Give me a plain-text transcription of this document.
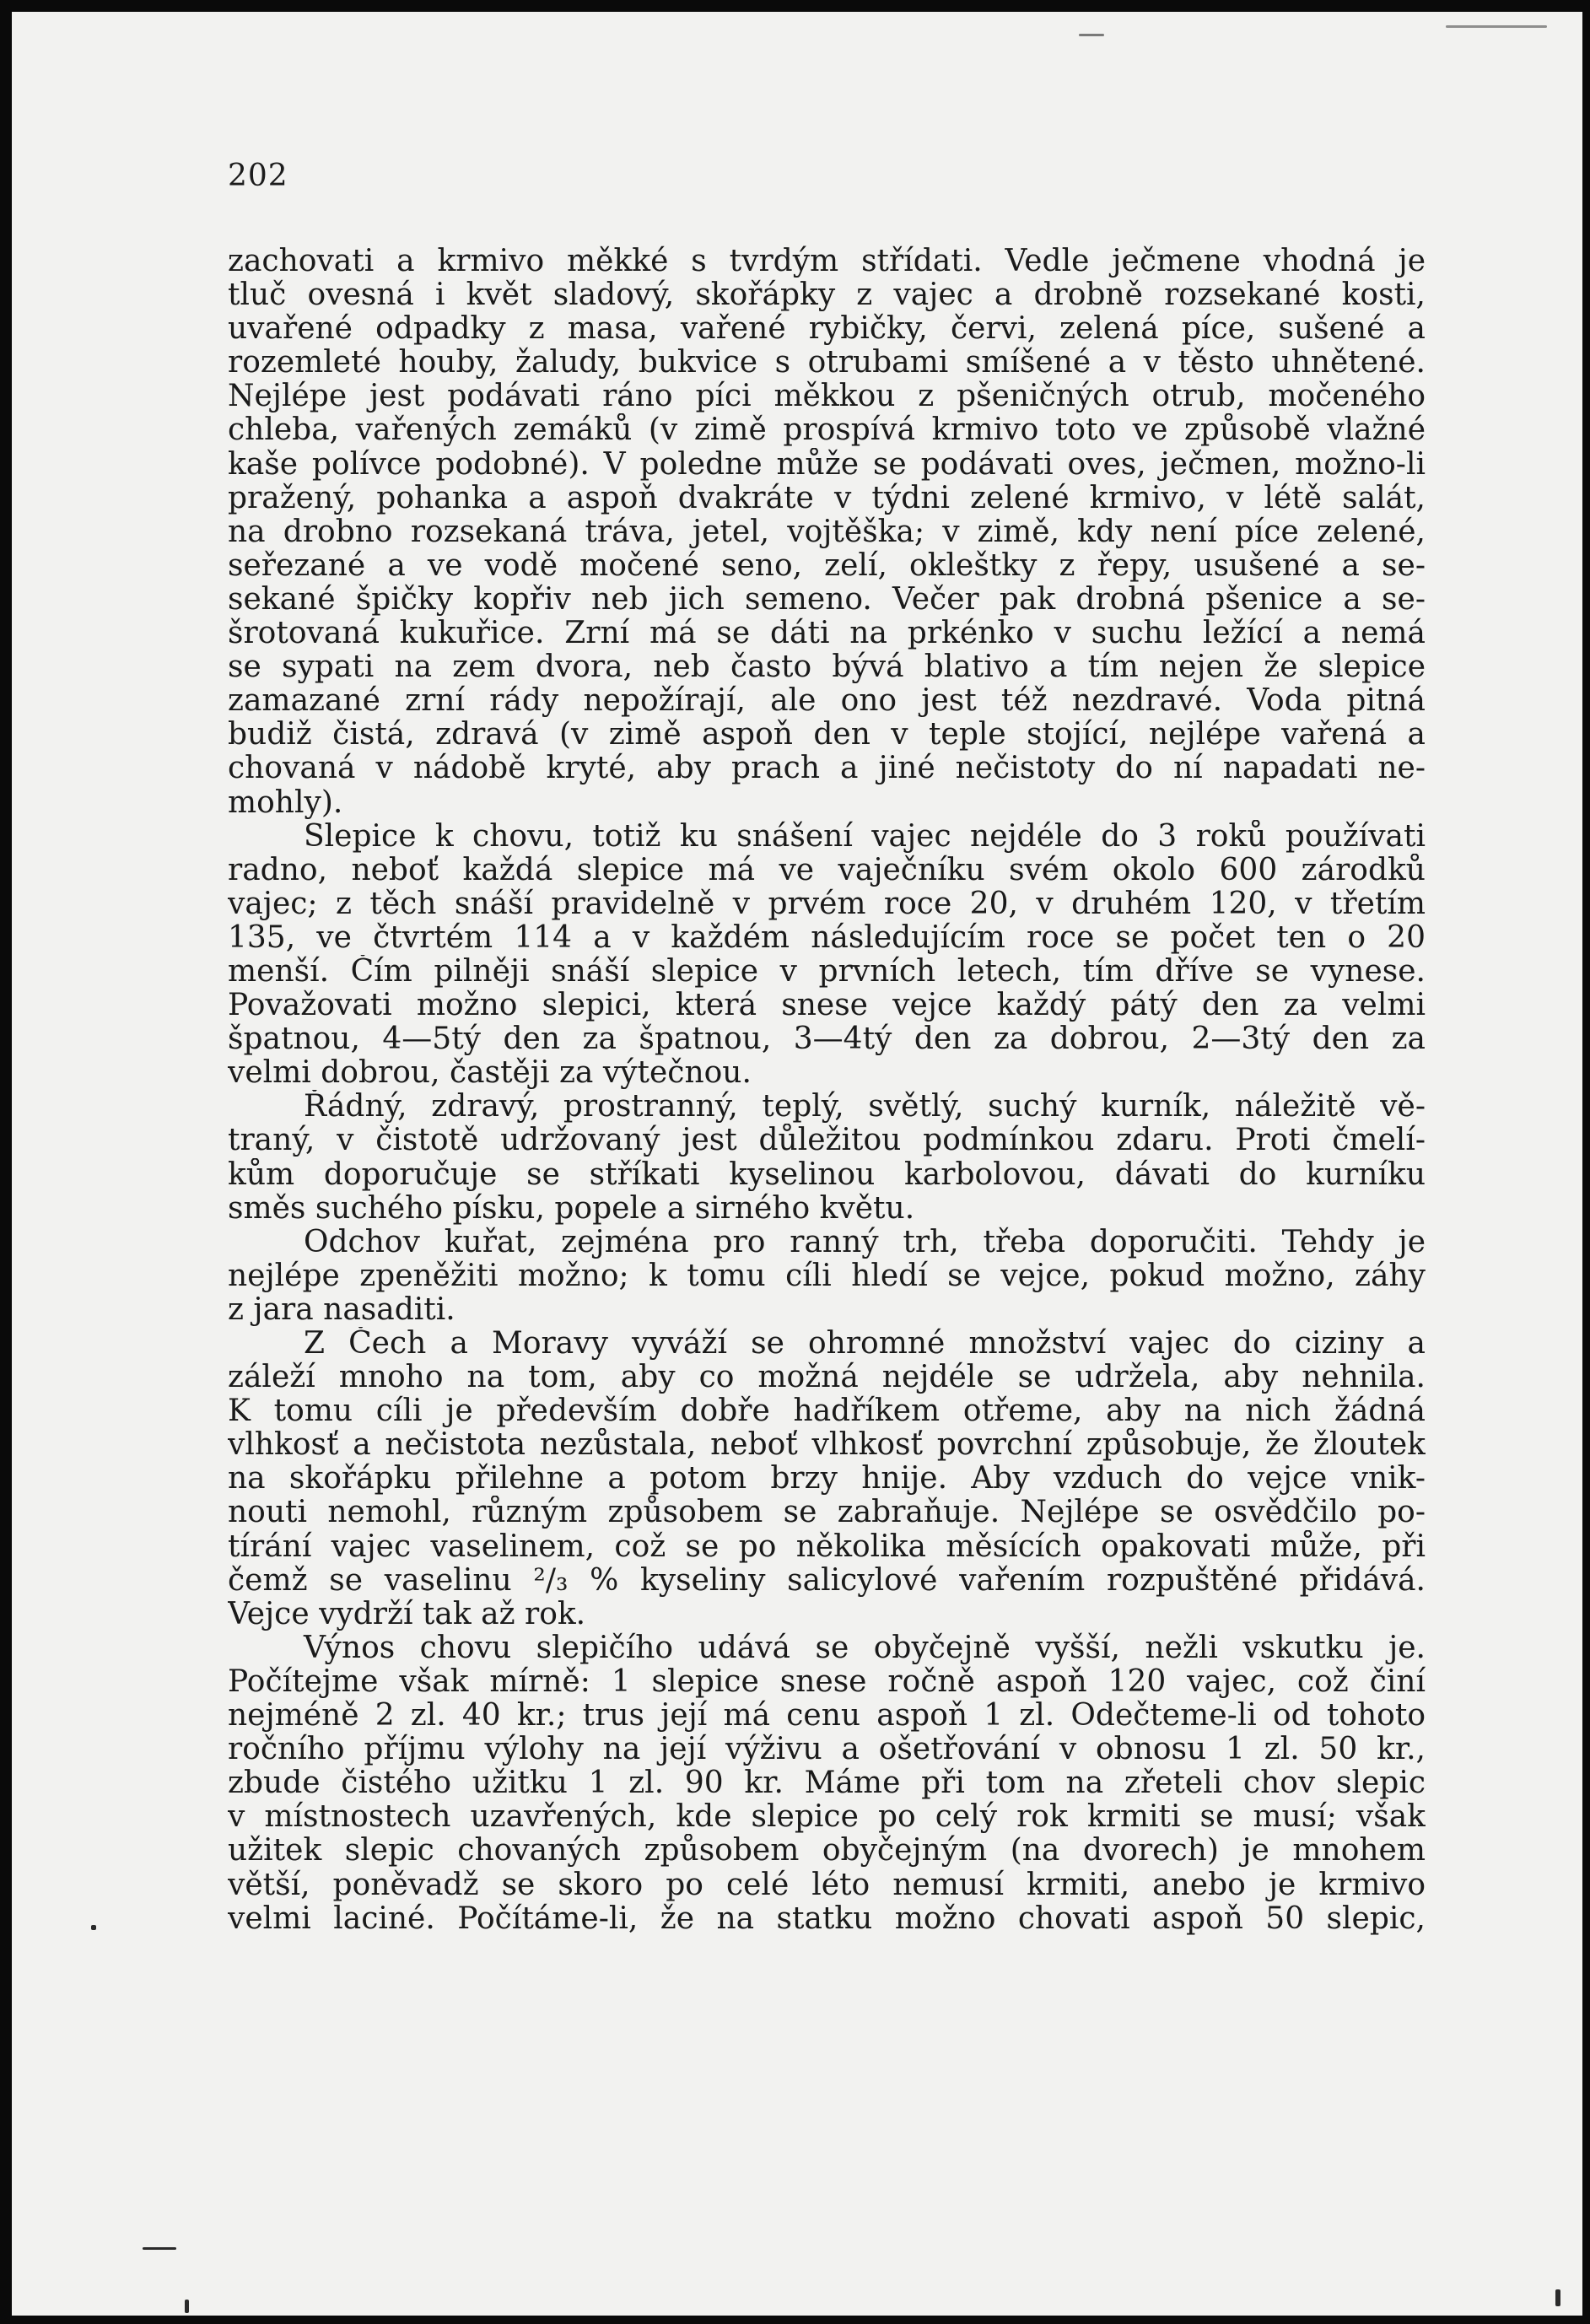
202
zachovati a krmivo měkké s tvrdým střídati. Vedle ječmene vhodná je
tluč ovesná i květ sladový, skořápky z vajec a drobně rozsekané kosti,
uvařené odpadky z masa, vařené rybičky, červi, zelená píce, sušené a
rozemleté houby, žaludy, bukvice s otrubami smíšené a v těsto uhnětené.
Nejlépe jest podávati ráno píci měkkou z pšeničných otrub, močeného
chleba, vařených zemáků (v zimě prospívá krmivo toto ve způsobě vlažné
kaše polívce podobné). V poledne může se podávati oves, ječmen, možno-li
pražený, pohanka a aspoň dvakráte v týdni zelené krmivo, v létě salát,
na drobno rozsekaná tráva, jetel, vojtěška; v zimě, kdy není píce zelené,
seřezané a ve vodě močené seno, zelí, okleštky z řepy, usušené a se-
sekané špičky kopřiv neb jich semeno. Večer pak drobná pšenice a se-
šrotovaná kukuřice. Zrní má se dáti na prkénko v suchu ležící a nemá
se sypati na zem dvora, neb často bývá blativo a tím nejen že slepice
zamazané zrní rády nepožírají, ale ono jest též nezdravé. Voda pitná
budiž čistá, zdravá (v zimě aspoň den v teple stojící, nejlépe vařená a
chovaná v nádobě kryté, aby prach a jiné nečistoty do ní napadati ne-
mohly).
Slepice k chovu, totiž ku snášení vajec nejdéle do 3 roků používati
radno, neboť každá slepice má ve vaječníku svém okolo 600 zárodků
vajec; z těch snáší pravidelně v prvém roce 20, v druhém 120, v třetím
135, ve čtvrtém 114 a v každém následujícím roce se počet ten o 20
menší. Čím pilněji snáší slepice v prvních letech, tím dříve se vynese.
Považovati možno slepici, která snese vejce každý pátý den za velmi
špatnou, 4—5tý den za špatnou, 3—4tý den za dobrou, 2—3tý den za
velmi dobrou, častěji za výtečnou.
Řádný, zdravý, prostranný, teplý, světlý, suchý kurník, náležitě vě-
traný, v čistotě udržovaný jest důležitou podmínkou zdaru. Proti čmelí-
kům doporučuje se stříkati kyselinou karbolovou, dávati do kurníku
směs suchého písku, popele a sirného květu.
Odchov kuřat, zejména pro ranný trh, třeba doporučiti. Tehdy je
nejlépe zpeněžiti možno; k tomu cíli hledí se vejce, pokud možno, záhy
z jara nasaditi.
Z Čech a Moravy vyváží se ohromné množství vajec do ciziny a
záleží mnoho na tom, aby co možná nejdéle se udržela, aby nehnila.
K tomu cíli je především dobře hadříkem otřeme, aby na nich žádná
vlhkosť a nečistota nezůstala, neboť vlhkosť povrchní způsobuje, že žloutek
na skořápku přilehne a potom brzy hnije. Aby vzduch do vejce vnik-
nouti nemohl, různým způsobem se zabraňuje. Nejlépe se osvědčilo po-
tírání vajec vaselinem, což se po několika měsících opakovati může, při
čemž se vaselinu ²/₃ % kyseliny salicylové vařením rozpuštěné přidává.
Vejce vydrží tak až rok.
Výnos chovu slepičího udává se obyčejně vyšší, nežli vskutku je.
Počítejme však mírně: 1 slepice snese ročně aspoň 120 vajec, což činí
nejméně 2 zl. 40 kr.; trus její má cenu aspoň 1 zl. Odečteme-li od tohoto
ročního příjmu výlohy na její výživu a ošetřování v obnosu 1 zl. 50 kr.,
zbude čistého užitku 1 zl. 90 kr. Máme při tom na zřeteli chov slepic
v místnostech uzavřených, kde slepice po celý rok krmiti se musí; však
užitek slepic chovaných způsobem obyčejným (na dvorech) je mnohem
větší, poněvadž se skoro po celé léto nemusí krmiti, anebo je krmivo
velmi laciné. Počítáme-li, že na statku možno chovati aspoň 50 slepic,
